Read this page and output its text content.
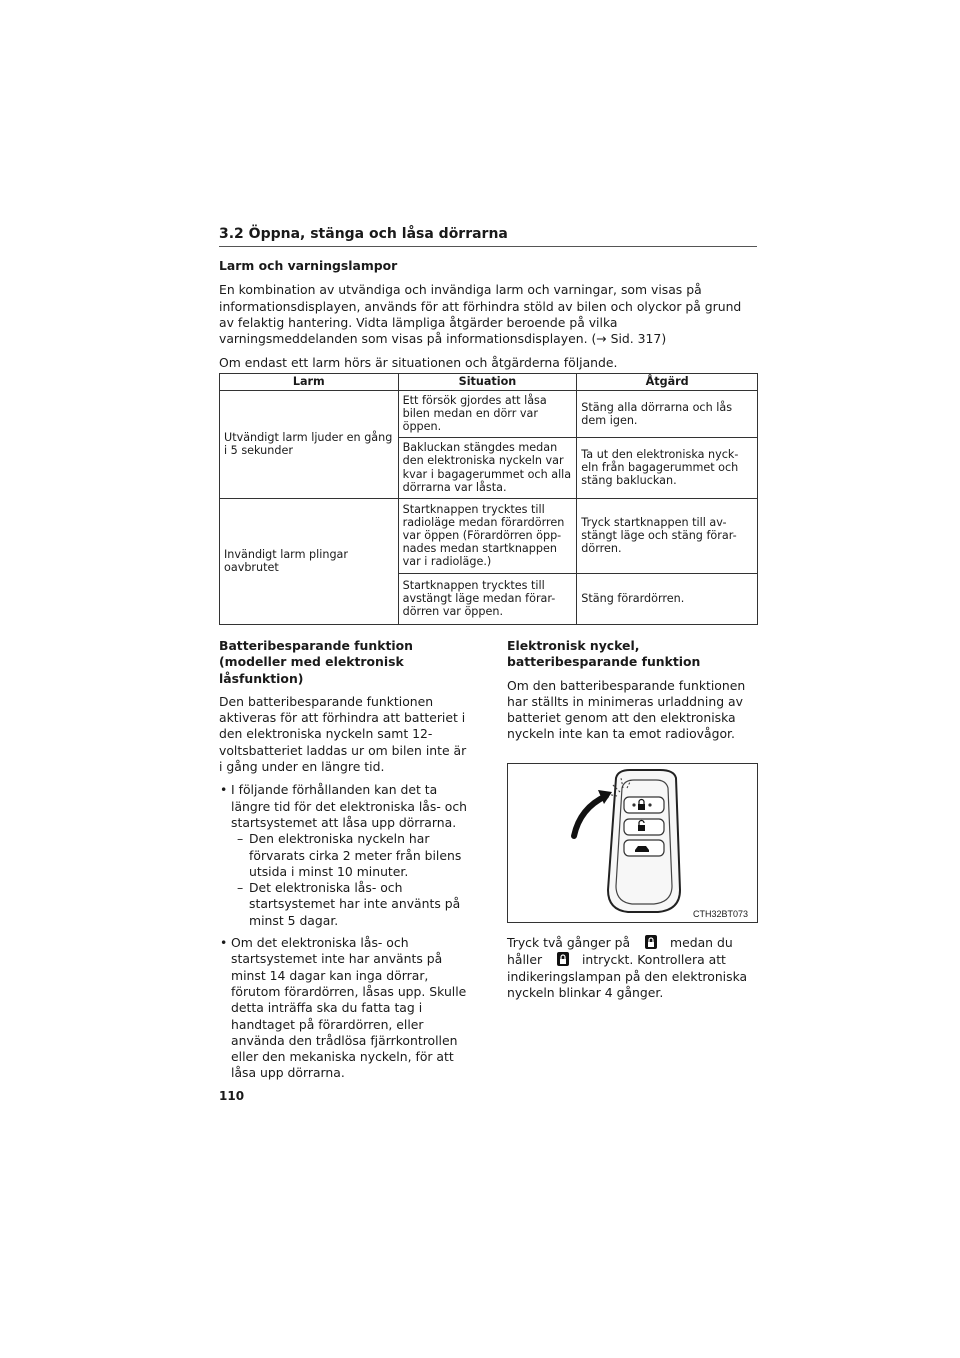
3.2 Öppna, stänga och låsa dörrarna
Larm och varningslampor
En kombination av utvändiga och invändiga larm och varningar, som visas på informationsdisplayen, används för att förhindra stöld av bilen och olyckor på grund av felaktig hantering. Vidta lämpliga åtgärder beroende på vilka varningsmeddelanden som visas på informationsdisplayen. (→ Sid. 317)
Om endast ett larm hörs är situationen och åtgärderna följande.
Larm	Situation	Åtgärd
Utvändigt larm ljuder en gång i 5 sekunder	Ett försök gjordes att låsa bilen medan en dörr var öppen.	Stäng alla dörrarna och lås dem igen.
	Bakluckan stängdes medan den elektroniska nyckeln var kvar i bagagerummet och alla dörrarna var låsta.	Ta ut den elektroniska nyck-eln från bagagerummet och stäng bakluckan.
Invändigt larm plingar oavbrutet	Startknappen trycktes till radioläge medan förardörren var öppen (Förardörren öpp-nades medan startknappen var i radioläge.)	Tryck startknappen till av-stängt läge och stäng förar-dörren.
	Startknappen trycktes till avstängt läge medan förar-dörren var öppen.	Stäng förardörren.
Batteribesparande funktion (modeller med elektronisk låsfunktion)
Den batteribesparande funktionen aktiveras för att förhindra att batteriet i den elektroniska nyckeln samt 12-voltsbatteriet laddas ur om bilen inte är i gång under en längre tid.
• I följande förhållanden kan det ta längre tid för det elektroniska lås- och startsystemet att låsa upp dörrarna.
– Den elektroniska nyckeln har förvarats cirka 2 meter från bilens utsida i minst 10 minuter.
– Det elektroniska lås- och startsystemet har inte använts på minst 5 dagar.
• Om det elektroniska lås- och startsystemet inte har använts på minst 14 dagar kan inga dörrar, förutom förardörren, låsas upp. Skulle detta inträffa ska du fatta tag i handtaget på förardörren, eller använda den trådlösa fjärrkontrollen eller den mekaniska nyckeln, för att låsa upp dörrarna.
Elektronisk nyckel, batteribesparande funktion
Om den batteribesparande funktionen har ställts in minimeras urladdning av batteriet genom att den elektroniska nyckeln inte kan ta emot radiovågor.
CTH32BT073
Tryck två gånger på	medan du håller	intryckt. Kontrollera att indikeringslampan på den elektroniska nyckeln blinkar 4 gånger.
110
